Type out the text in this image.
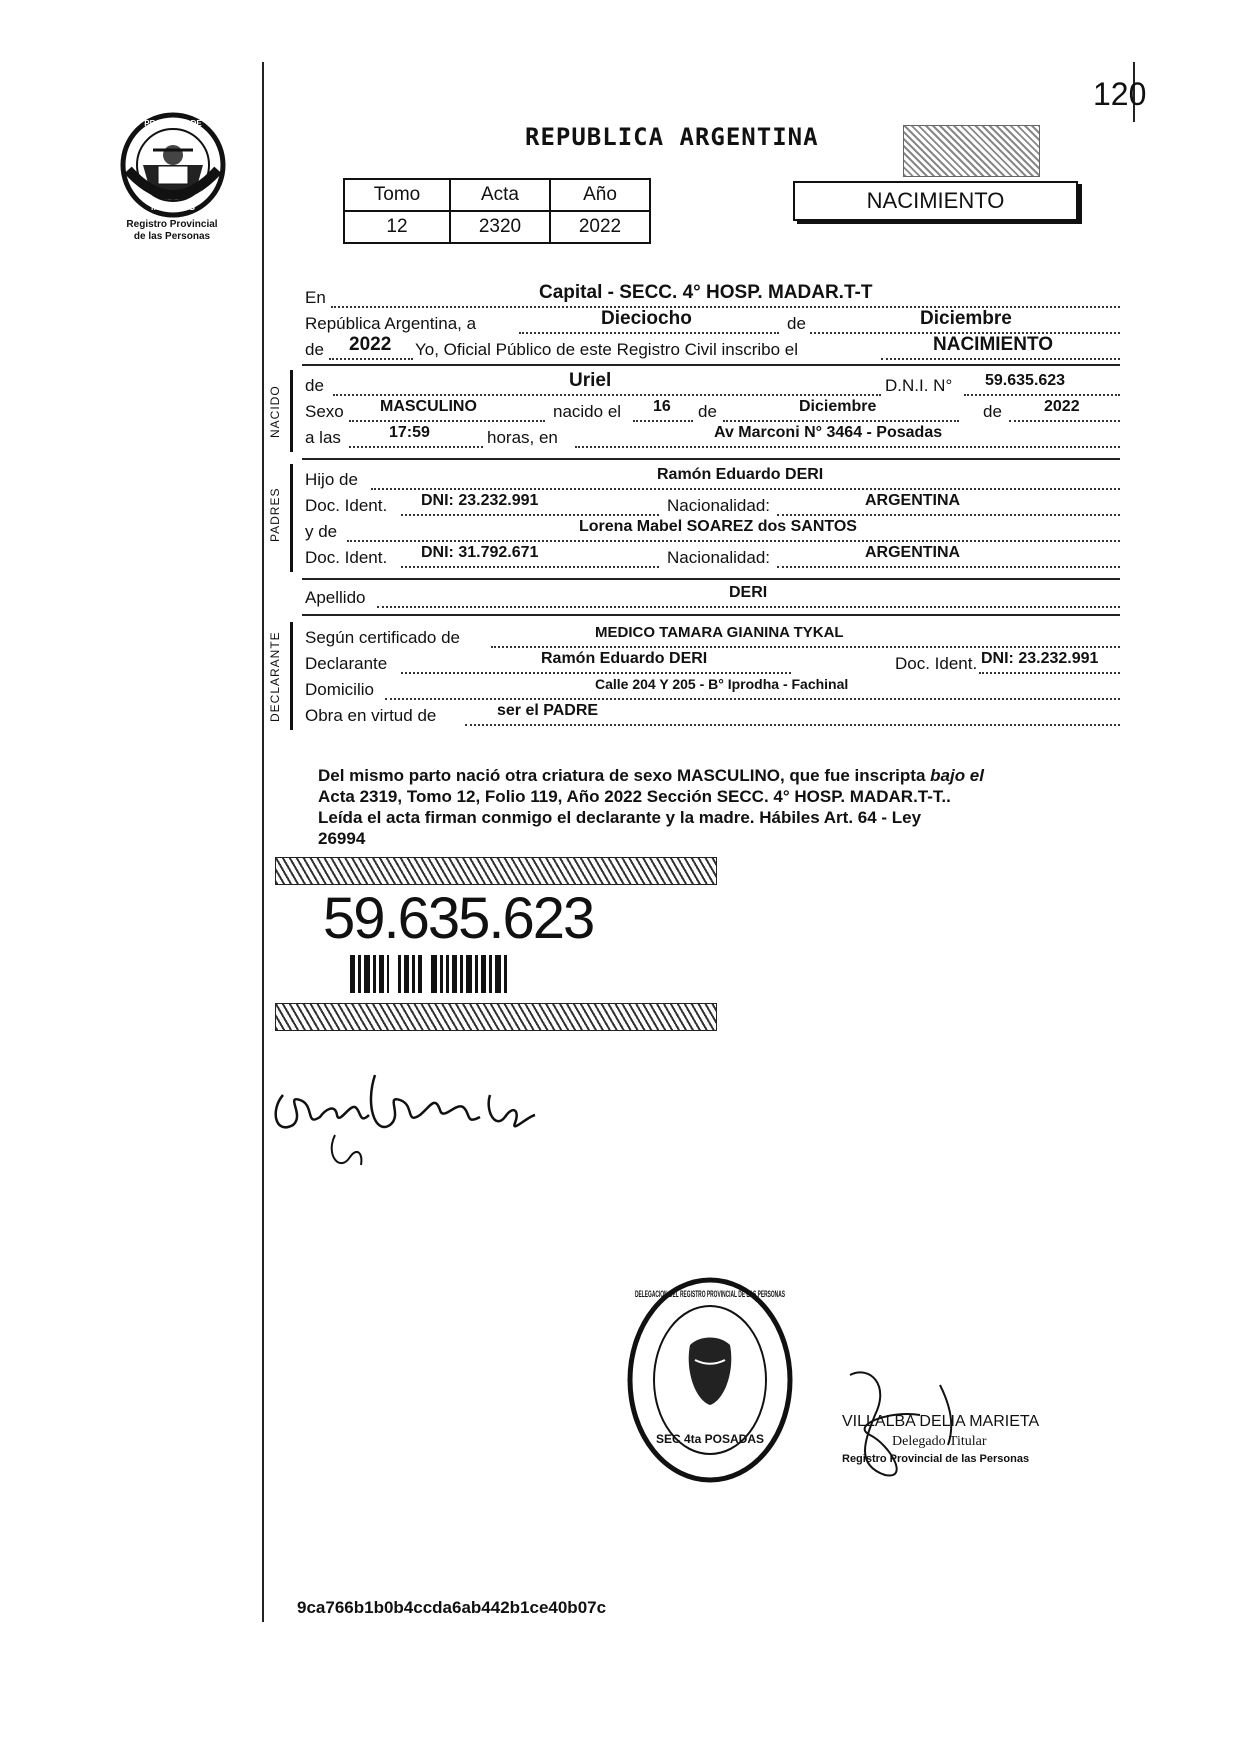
120
PROVINCIA DE
MISIONES
Registro Provincial
de las Personas
REPUBLICA ARGENTINA
Tomo	Acta	Año
12	2320	2022
NACIMIENTO
En	Capital - SECC. 4° HOSP. MADAR.T-T
República Argentina, a	Dieciocho	de	Diciembre
de 2022 Yo, Oficial Público de este Registro Civil inscribo el	NACIMIENTO
NACIDO de	Uriel	D.N.I. N° 59.635.623
Sexo MASCULINO	nacido el 16 de	Diciembre	de	2022
a las	17:59	horas, en	Av Marconi N° 3464 - Posadas
PADRES
Hijo de	Ramón Eduardo DERI
Doc. Ident. DNI: 23.232.991	Nacionalidad:	ARGENTINA
y de	Lorena Mabel SOAREZ dos SANTOS
Doc. Ident. DNI: 31.792.671	Nacionalidad:	ARGENTINA
Apellido	DERI
DECLARANTE Según certificado de	MEDICO TAMARA GIANINA TYKAL
Declarante	Ramón Eduardo DERI	Doc. Ident. DNI: 23.232.991
Domicilio	Calle 204 Y 205 - B° Iprodha - Fachinal
Obra en virtud de	ser el PADRE
Del mismo parto nació otra criatura de sexo MASCULINO, que fue inscripta bajo el
Acta 2319, Tomo 12, Folio 119, Año 2022 Sección SECC. 4° HOSP. MADAR.T-T..
Leída el acta firman conmigo el declarante y la madre. Hábiles Art. 64 - Ley
26994
59.635.623
SEC 4ta POSADAS
DELEGACION DEL REGISTRO PROVINCIAL DE LAS PERSONAS
VILLALBA DELIA MARIETA
Delegado Titular
Registro Provincial de las Personas
9ca766b1b0b4ccda6ab442b1ce40b07c
